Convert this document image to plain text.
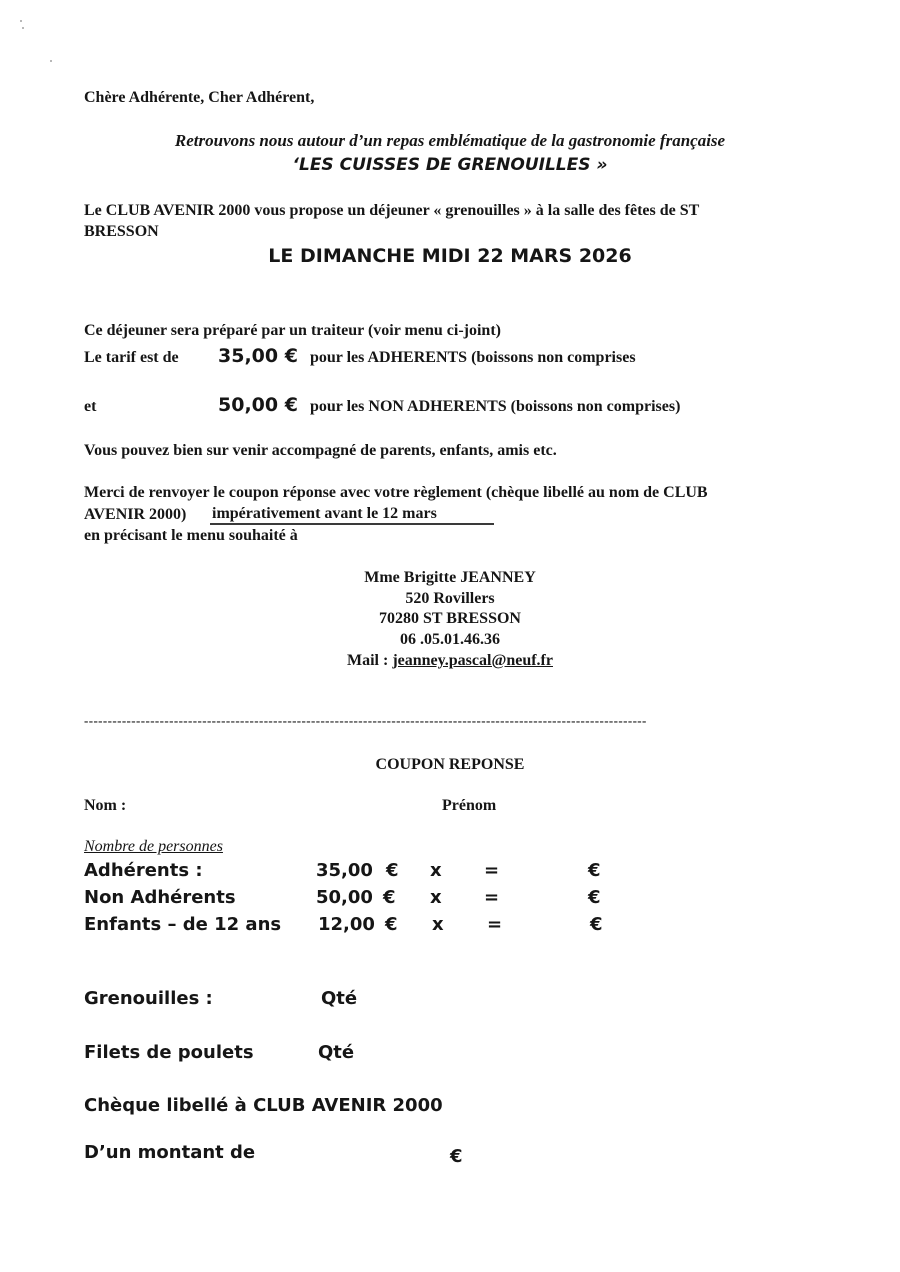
Chère Adhérente, Cher Adhérent,
Retrouvons nous autour d’un repas emblématique de la gastronomie française
‘LES CUISSES DE GRENOUILLES »
Le CLUB AVENIR 2000 vous propose un déjeuner « grenouilles » à la salle des fêtes de ST
BRESSON
LE DIMANCHE MIDI 22 MARS 2026
Ce déjeuner sera préparé par un traiteur (voir menu ci-joint)
Le tarif est de 35,00 € pour les ADHERENTS (boissons non comprises
et	50,00 € pour les NON ADHERENTS (boissons non comprises)
Vous pouvez bien sur venir accompagné de parents, enfants, amis etc.
Merci de renvoyer le coupon réponse avec votre règlement (chèque libellé au nom de CLUB
AVENIR 2000) impérativement avant le 12 mars
en précisant le menu souhaité à
Mme Brigitte JEANNEY
520 Rovillers
70280 ST BRESSON
06 .05.01.46.36
Mail : jeanney.pascal@neuf.fr
-----------------------------------------------------------------------------------------------------------------------
COUPON REPONSE
Nom :	Prénom
Nombre de personnes
Adhérents :	35,00 € x =	€
Non Adhérents	50,00 € x =	€
Enfants – de 12 ans 12,00 € x =	€
Grenouilles :	Qté
Filets de poulets	Qté
Chèque libellé à CLUB AVENIR 2000
D’un montant de	€
